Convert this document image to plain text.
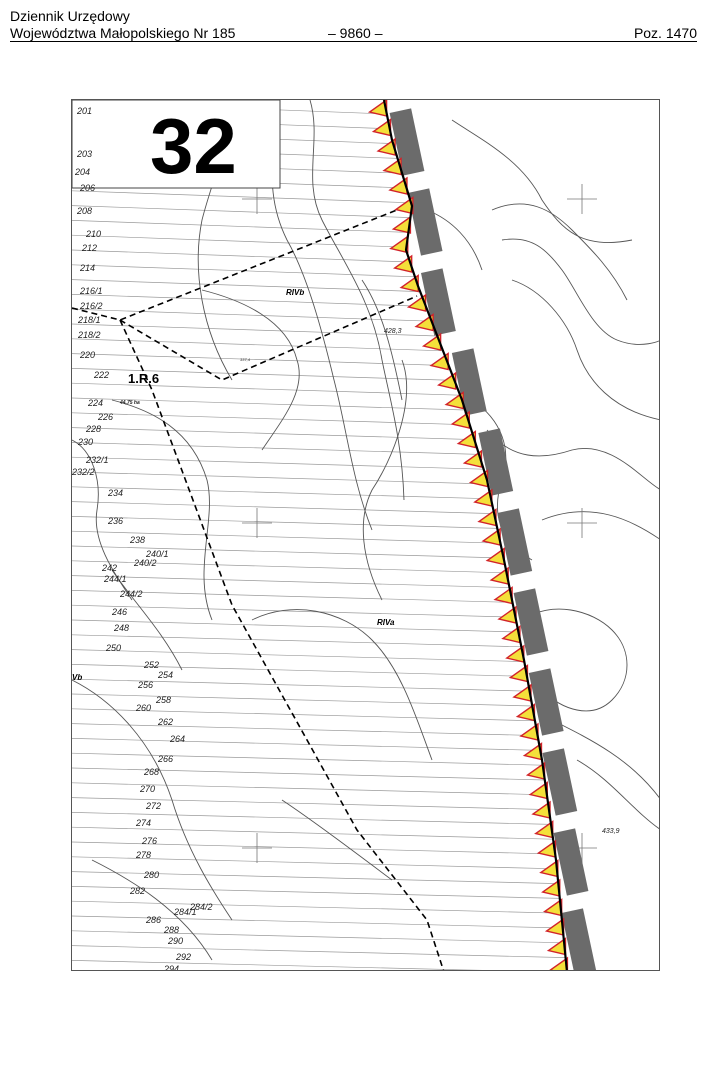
Dziennik Urzędowy
Województwa Małopolskiego Nr 185	– 9860 –	Poz. 1470
32
201
203
204
206
208
210
212
214
216/1
216/2
218/1
218/2
220
222
224
226
228
230
232/1
232/2
234
236
238
240/1
240/2
242
244/1
244/2
246
248
250
252
254
256
258
260
262
264
266
268
270
272
274
276
278
280
282
284/2
284/1
286
288
290
292
294
1.R.6
44,75 ha
RIVb
RIVa
Vb
428,3
433,9
337,4
